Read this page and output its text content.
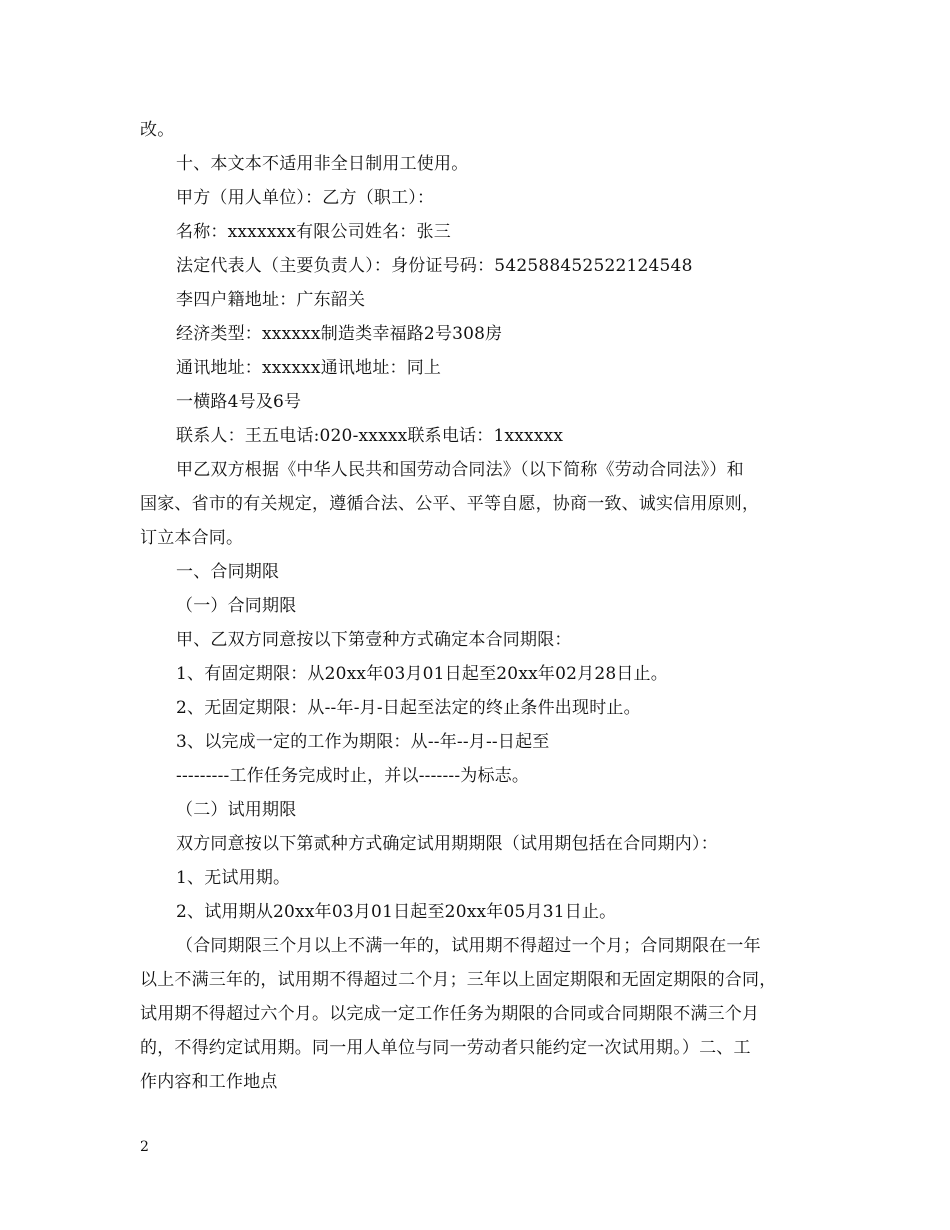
改。
十、本文本不适用非全日制用工使用。
甲方（用人单位）：乙方（职工）：
名称：xxxxxxx有限公司姓名：张三
法定代表人（主要负责人）：身份证号码：542588452522124548
李四户籍地址：广东韶关
经济类型：xxxxxx制造类幸福路2号308房
通讯地址：xxxxxx通讯地址：同上
一横路4号及6号
联系人：王五电话:020-xxxxx联系电话：1xxxxxx
甲乙双方根据《中华人民共和国劳动合同法》（以下简称《劳动合同法》）和
国家、省市的有关规定，遵循合法、公平、平等自愿，协商一致、诚实信用原则，
订立本合同。
一、合同期限
（一）合同期限
甲、乙双方同意按以下第壹种方式确定本合同期限：
1、有固定期限：从20xx年03月01日起至20xx年02月28日止。
2、无固定期限：从--年-月-日起至法定的终止条件出现时止。
3、以完成一定的工作为期限：从--年--月--日起至
---------工作任务完成时止，并以-------为标志。
（二）试用期限
双方同意按以下第贰种方式确定试用期期限（试用期包括在合同期内）：
1、无试用期。
2、试用期从20xx年03月01日起至20xx年05月31日止。
（合同期限三个月以上不满一年的，试用期不得超过一个月；合同期限在一年
以上不满三年的，试用期不得超过二个月；三年以上固定期限和无固定期限的合同，
试用期不得超过六个月。以完成一定工作任务为期限的合同或合同期限不满三个月
的，不得约定试用期。同一用人单位与同一劳动者只能约定一次试用期。）二、工
作内容和工作地点
2
